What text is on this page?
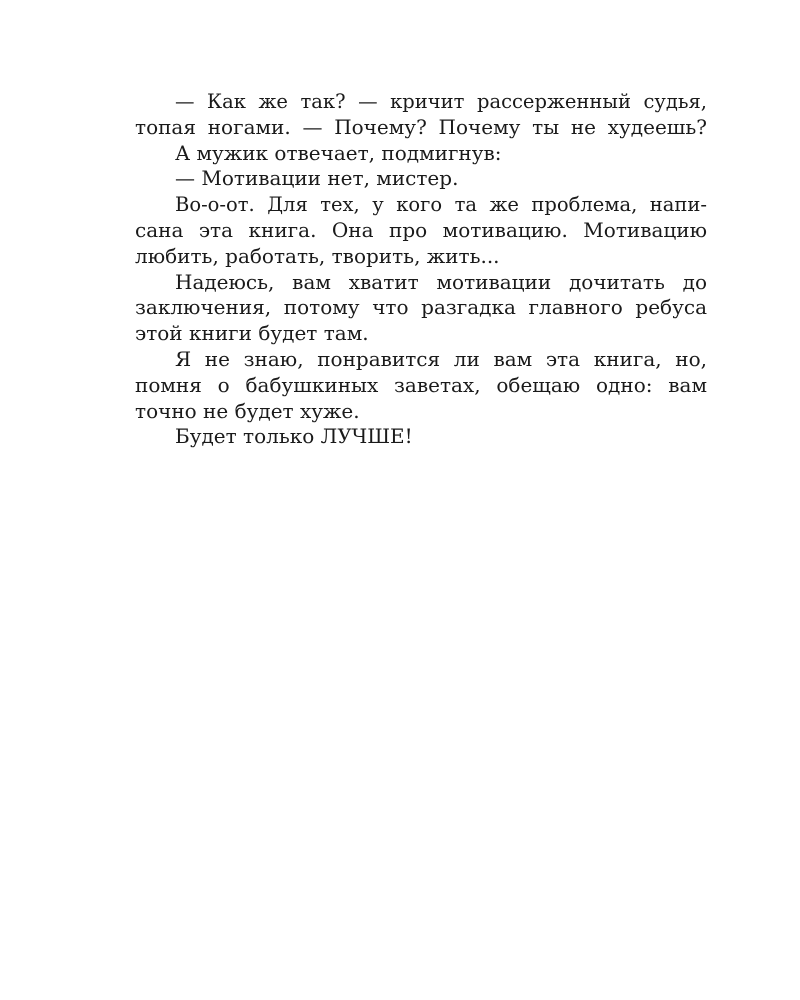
— Как же так? — кричит рассерженный судья,
топая ногами. — Почему? Почему ты не худеешь?
А мужик отвечает, подмигнув:
— Мотивации нет, мистер.
Во-о-от. Для тех, у кого та же проблема, напи-
сана эта книга. Она про мотивацию. Мотивацию
любить, работать, творить, жить...
Надеюсь, вам хватит мотивации дочитать до
заключения, потому что разгадка главного ребуса
этой книги будет там.
Я не знаю, понравится ли вам эта книга, но,
помня о бабушкиных заветах, обещаю одно: вам
точно не будет хуже.
Будет только ЛУЧШЕ!
